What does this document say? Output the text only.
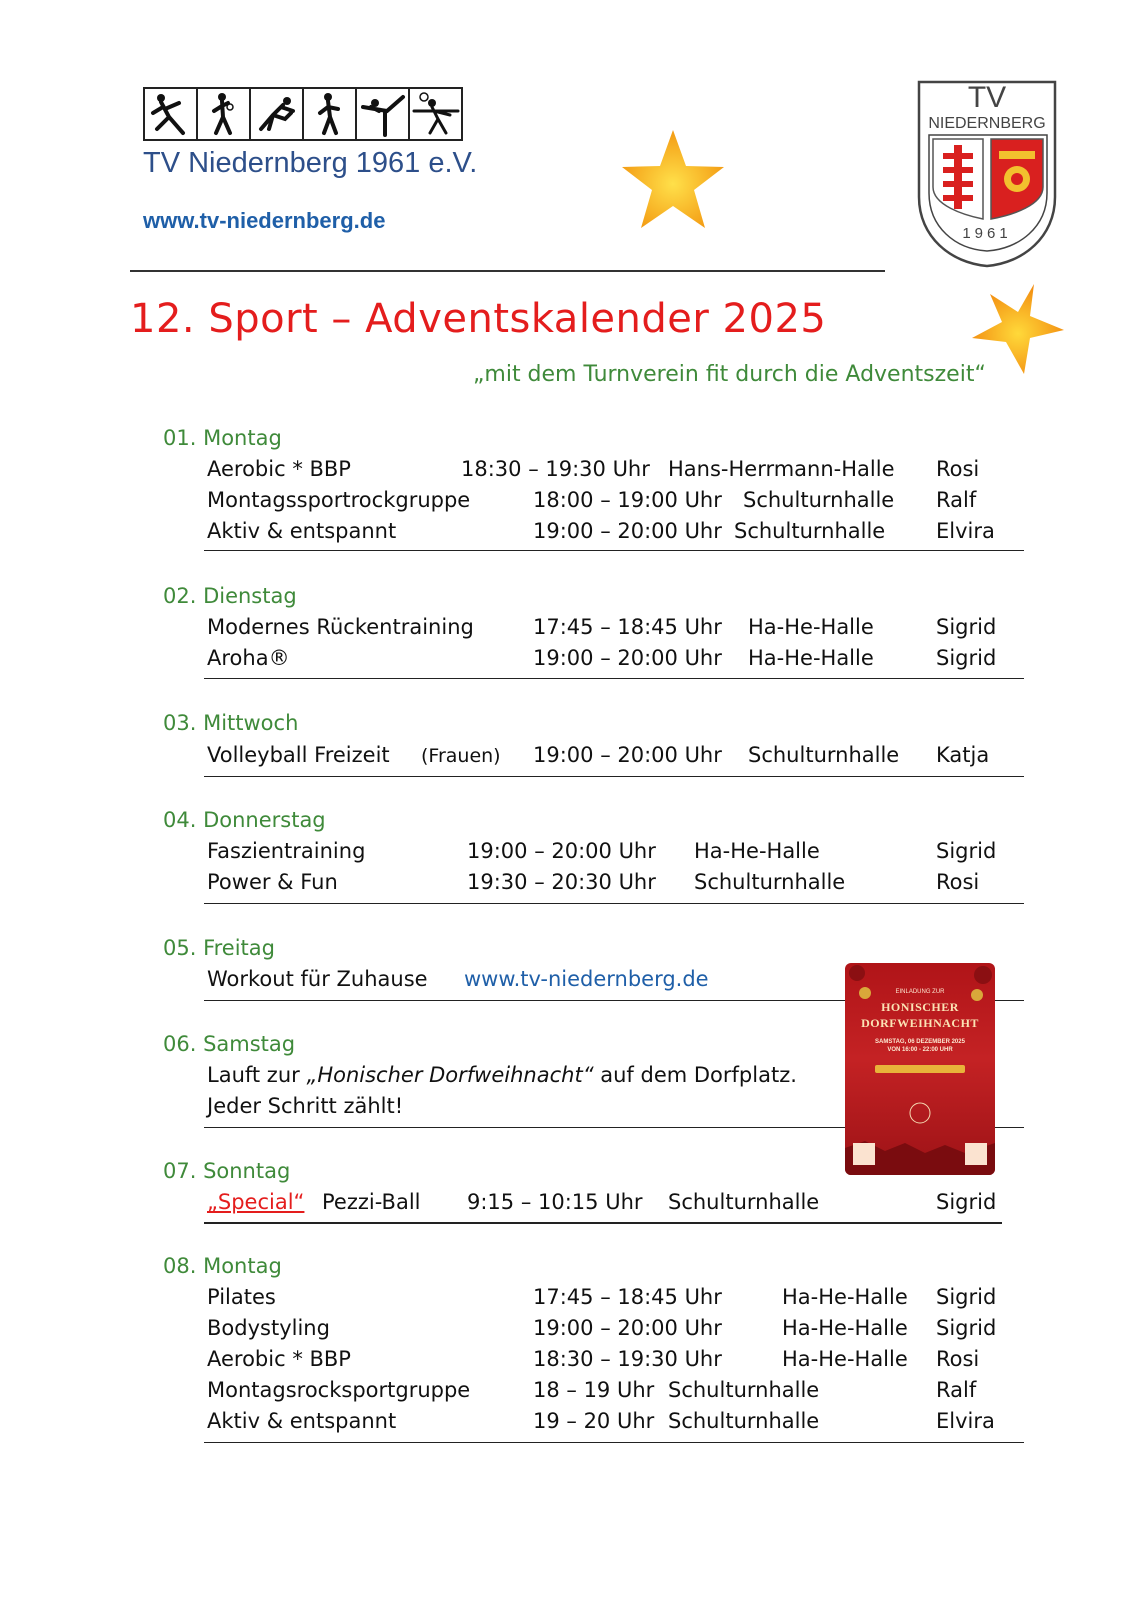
TV Niedernberg 1961 e.V.
www.tv-niedernberg.de
TV
NIEDERNBERG
1961
12. Sport – Adventskalender 2025
„mit dem Turnverein fit durch die Adventszeit“
01. Montag
Aerobic * BBP	18:30 – 19:30 Uhr Hans-Herrmann-Halle Rosi
Montagssportrockgruppe	18:00 – 19:00 Uhr Schulturnhalle Ralf
Aktiv & entspannt	19:00 – 20:00 Uhr Schulturnhalle Elvira
02. Dienstag
Modernes Rückentraining	17:45 – 18:45 Uhr Ha-He-Halle	Sigrid
Aroha®	19:00 – 20:00 Uhr Ha-He-Halle	Sigrid
03. Mittwoch
Volleyball Freizeit (Frauen) 19:00 – 20:00 Uhr Schulturnhalle Katja
04. Donnerstag
Faszientraining	19:00 – 20:00 Uhr Ha-He-Halle	Sigrid
Power & Fun	19:30 – 20:30 Uhr Schulturnhalle	Rosi
05. Freitag
Workout für Zuhause www.tv-niedernberg.de
06. Samstag
Lauft zur „Honischer Dorfweihnacht“ auf dem Dorfplatz.
Jeder Schritt zählt!
EINLADUNG ZUR
HONISCHER
DORFWEIHNACHT
SAMSTAG, 06 DEZEMBER 2025
VON 16:00 - 22:00 UHR
07. Sonntag
„Special“ Pezzi-Ball 9:15 – 10:15 Uhr Schulturnhalle	Sigrid
08. Montag
Pilates	17:45 – 18:45 Uhr	Ha-He-Halle Sigrid
Bodystyling	19:00 – 20:00 Uhr	Ha-He-Halle Sigrid
Aerobic * BBP	18:30 – 19:30 Uhr	Ha-He-Halle Rosi
Montagsrocksportgruppe	18 – 19 Uhr Schulturnhalle	Ralf
Aktiv & entspannt	19 – 20 Uhr Schulturnhalle	Elvira
